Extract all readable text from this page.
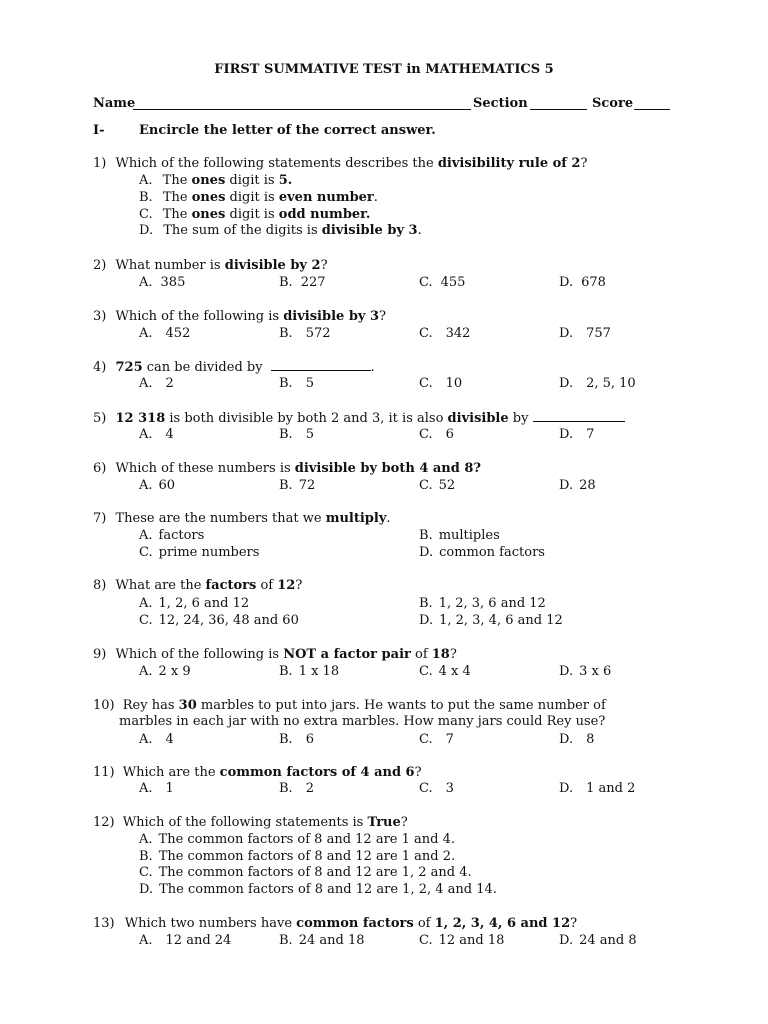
FIRST SUMMATIVE TEST in MATHEMATICS 5
Name	Section	Score
I-	Encircle the letter of the correct answer.
1) Which of the following statements describes the divisibility rule of 2?
A. The ones digit is 5.
B. The ones digit is even number.
C. The ones digit is odd number.
D. The sum of the digits is divisible by 3.
2) What number is divisible by 2?
A. 385	B. 227	C. 455	D. 678
3) Which of the following is divisible by 3?
A. 452	B. 572	C. 342	D. 757
4) 725 can be divided by	.
A. 2	B. 5	C. 10	D. 2, 5, 10
5) 12 318 is both divisible by both 2 and 3, it is also divisible by
A. 4	B. 5	C. 6	D. 7
6) Which of these numbers is divisible by both 4 and 8?
A. 60	B. 72	C. 52	D. 28
7) These are the numbers that we multiply.
A. factors	B. multiples
C. prime numbers	D. common factors
8) What are the factors of 12?
A. 1, 2, 6 and 12	B. 1, 2, 3, 6 and 12
C. 12, 24, 36, 48 and 60	D. 1, 2, 3, 4, 6 and 12
9) Which of the following is NOT a factor pair of 18?
A. 2 x 9	B. 1 x 18	C. 4 x 4	D. 3 x 6
10) Rey has 30 marbles to put into jars. He wants to put the same number of
marbles in each jar with no extra marbles. How many jars could Rey use?
A. 4	B. 6	C. 7	D. 8
11) Which are the common factors of 4 and 6?
A. 1	B. 2	C. 3	D. 1 and 2
12) Which of the following statements is True?
A. The common factors of 8 and 12 are 1 and 4.
B. The common factors of 8 and 12 are 1 and 2.
C. The common factors of 8 and 12 are 1, 2 and 4.
D. The common factors of 8 and 12 are 1, 2, 4 and 14.
13) Which two numbers have common factors of 1, 2, 3, 4, 6 and 12?
A. 12 and 24	B. 24 and 18	C. 12 and 18	D. 24 and 8
